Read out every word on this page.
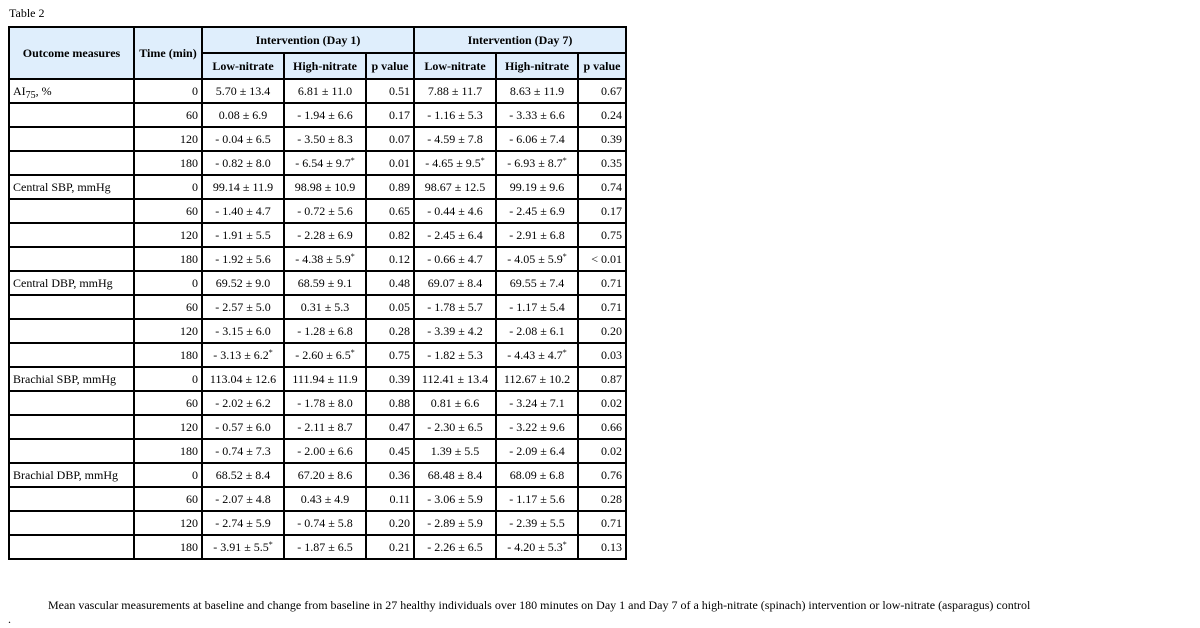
Table 2
Outcome measures	Time (min)	Intervention (Day 1)			Intervention (Day 7)		
		Low-nitrate	High-nitrate	p value	Low-nitrate	High-nitrate	p value
$AI_{75}$, %	0	5.70 ± 13.4	6.81 ± 11.0	0.51	7.88 ± 11.7	8.63 ± 11.9	0.67
	60	0.08 ± 6.9	- 1.94 ± 6.6	0.17	- 1.16 ± 5.3	- 3.33 ± 6.6	0.24
	120	- 0.04 ± 6.5	- 3.50 ± 8.3	0.07	- 4.59 ± 7.8	- 6.06 ± 7.4	0.39
	180	- 0.82 ± 8.0	- 6.54 ± 9.7*	0.01	- 4.65 ± 9.5*	- 6.93 ± 8.7*	0.35
Central SBP, mmHg	0	99.14 ± 11.9	98.98 ± 10.9	0.89	98.67 ± 12.5	99.19 ± 9.6	0.74
	60	- 1.40 ± 4.7	- 0.72 ± 5.6	0.65	- 0.44 ± 4.6	- 2.45 ± 6.9	0.17
	120	- 1.91 ± 5.5	- 2.28 ± 6.9	0.82	- 2.45 ± 6.4	- 2.91 ± 6.8	0.75
	180	- 1.92 ± 5.6	- 4.38 ± 5.9*	0.12	- 0.66 ± 4.7	- 4.05 ± 5.9*	< 0.01
Central DBP, mmHg	0	69.52 ± 9.0	68.59 ± 9.1	0.48	69.07 ± 8.4	69.55 ± 7.4	0.71
	60	- 2.57 ± 5.0	0.31 ± 5.3	0.05	- 1.78 ± 5.7	- 1.17 ± 5.4	0.71
	120	- 3.15 ± 6.0	- 1.28 ± 6.8	0.28	- 3.39 ± 4.2	- 2.08 ± 6.1	0.20
	180	- 3.13 ± 6.2*	- 2.60 ± 6.5*	0.75	- 1.82 ± 5.3	- 4.43 ± 4.7*	0.03
Brachial SBP, mmHg	0	113.04 ± 12.6	111.94 ± 11.9	0.39	112.41 ± 13.4	112.67 ± 10.2	0.87
	60	- 2.02 ± 6.2	- 1.78 ± 8.0	0.88	0.81 ± 6.6	- 3.24 ± 7.1	0.02
	120	- 0.57 ± 6.0	- 2.11 ± 8.7	0.47	- 2.30 ± 6.5	- 3.22 ± 9.6	0.66
	180	- 0.74 ± 7.3	- 2.00 ± 6.6	0.45	1.39 ± 5.5	- 2.09 ± 6.4	0.02
Brachial DBP, mmHg	0	68.52 ± 8.4	67.20 ± 8.6	0.36	68.48 ± 8.4	68.09 ± 6.8	0.76
	60	- 2.07 ± 4.8	0.43 ± 4.9	0.11	- 3.06 ± 5.9	- 1.17 ± 5.6	0.28
	120	- 2.74 ± 5.9	- 0.74 ± 5.8	0.20	- 2.89 ± 5.9	- 2.39 ± 5.5	0.71
	180	- 3.91 ± 5.5*	- 1.87 ± 6.5	0.21	- 2.26 ± 6.5	- 4.20 ± 5.3*	0.13
Mean vascular measurements at baseline and change from baseline in 27 healthy individuals over 180 minutes on Day 1 and Day 7 of a high-nitrate (spinach) intervention or low-nitrate (asparagus) control
.
